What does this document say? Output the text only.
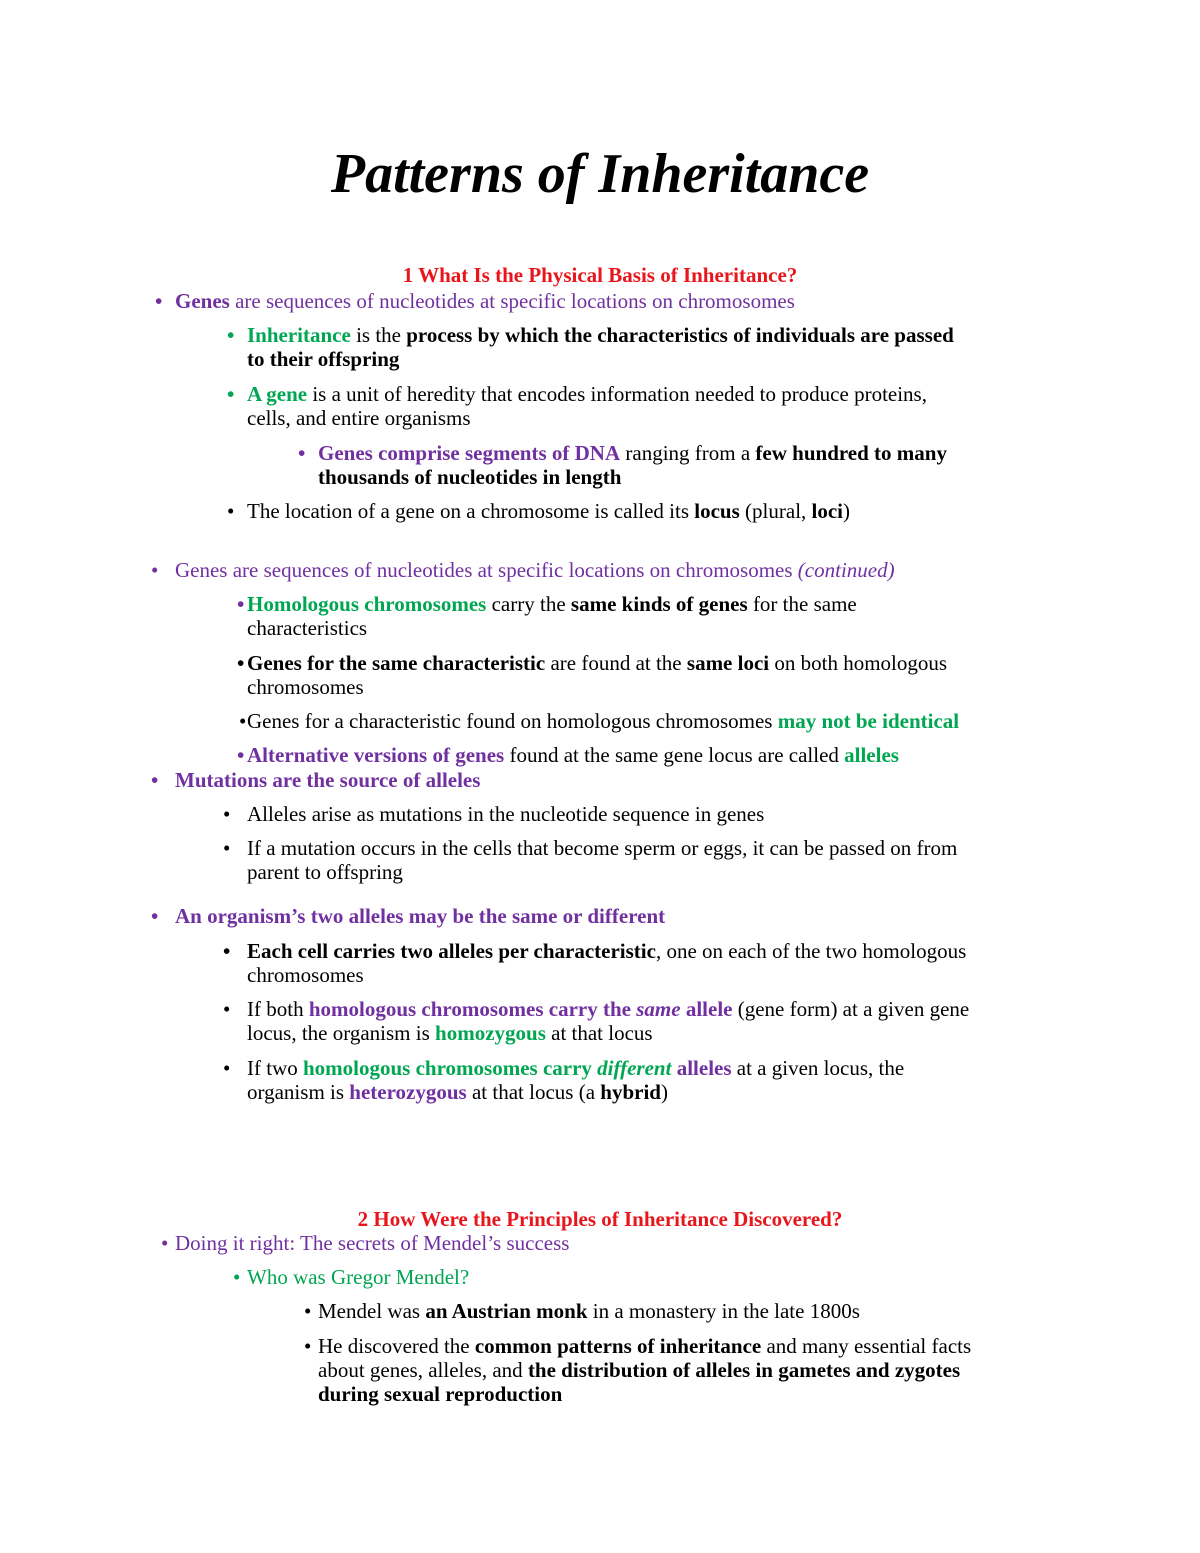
Patterns of Inheritance
1 What Is the Physical Basis of Inheritance?
• Genes are sequences of nucleotides at specific locations on chromosomes
• Inheritance is the process by which the characteristics of individuals are passed
to their offspring
• A gene is a unit of heredity that encodes information needed to produce proteins,
cells, and entire organisms
• Genes comprise segments of DNA ranging from a few hundred to many
thousands of nucleotides in length
• The location of a gene on a chromosome is called its locus (plural, loci)
• Genes are sequences of nucleotides at specific locations on chromosomes (continued)
• Homologous chromosomes carry the same kinds of genes for the same
characteristics
• Genes for the same characteristic are found at the same loci on both homologous
chromosomes
• Genes for a characteristic found on homologous chromosomes may not be identical
• Alternative versions of genes found at the same gene locus are called alleles
• Mutations are the source of alleles
• Alleles arise as mutations in the nucleotide sequence in genes
• If a mutation occurs in the cells that become sperm or eggs, it can be passed on from
parent to offspring
• An organism’s two alleles may be the same or different
• Each cell carries two alleles per characteristic, one on each of the two homologous
chromosomes
• If both homologous chromosomes carry the same allele (gene form) at a given gene
locus, the organism is homozygous at that locus
• If two homologous chromosomes carry different alleles at a given locus, the
organism is heterozygous at that locus (a hybrid)
2 How Were the Principles of Inheritance Discovered?
• Doing it right: The secrets of Mendel’s success
• Who was Gregor Mendel?
• Mendel was an Austrian monk in a monastery in the late 1800s
• He discovered the common patterns of inheritance and many essential facts
about genes, alleles, and the distribution of alleles in gametes and zygotes
during sexual reproduction
